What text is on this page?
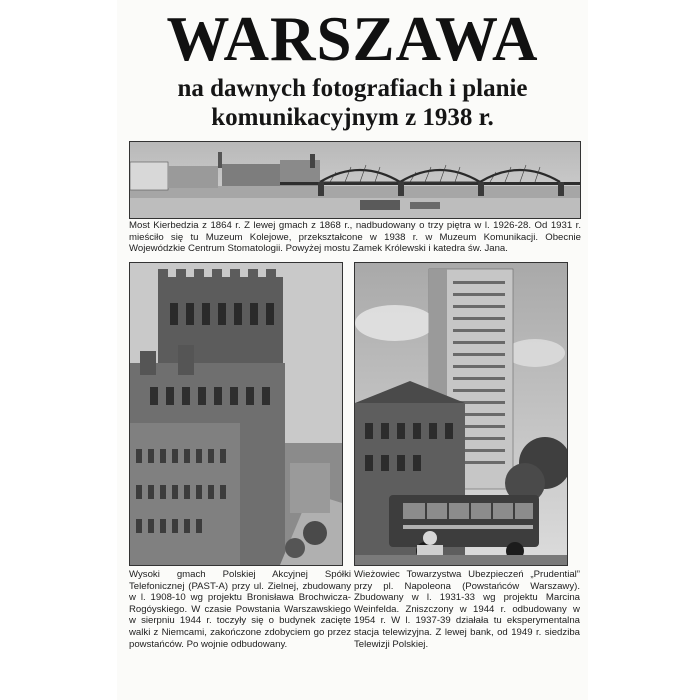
WARSZAWA
na dawnych fotografiach i planie
komunikacyjnym z 1938 r.
Most Kierbedzia z 1864 r. Z lewej gmach z 1868 r., nadbudowany o trzy piętra w l. 1926-28. Od 1931 r. mieściło się tu Muzeum Kolejowe, przekształcone w 1938 r. w Muzeum Komunikacji. Obecnie Wojewódzkie Centrum Stomatologii. Powyżej mostu Zamek Królewski i katedra św. Jana.
Wysoki gmach Polskiej Akcyjnej Spółki Telefonicznej (PAST-A) przy ul. Zielnej, zbudowany w l. 1908-10 wg projektu Bronisława Brochwicza-Rogóyskiego. W czasie Powstania Warszawskiego w sierpniu 1944 r. toczyły się o budynek zacięte walki z Niemcami, zakończone zdobyciem go przez powstańców. Po wojnie odbudowany.
Wieżowiec Towarzystwa Ubezpieczeń „Prudential” przy pl. Napoleona (Powstańców Warszawy). Zbudowany w l. 1931-33 wg projektu Marcina Weinfelda. Zniszczony w 1944 r. odbudowany w 1954 r. W l. 1937-39 działała tu eksperymentalna stacja telewizyjna. Z lewej bank, od 1949 r. siedziba Telewizji Polskiej.
